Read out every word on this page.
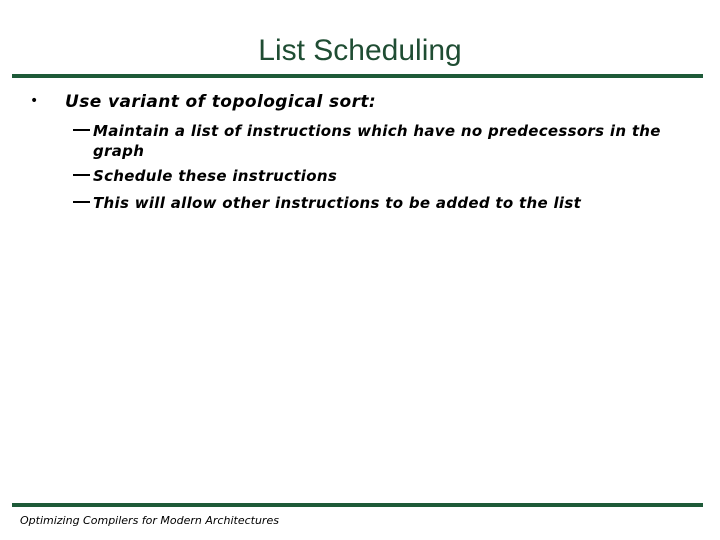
List Scheduling
• Use variant of topological sort:
Maintain a list of instructions which have no predecessors in the
graph
Schedule these instructions
This will allow other instructions to be added to the list
Optimizing Compilers for Modern Architectures
